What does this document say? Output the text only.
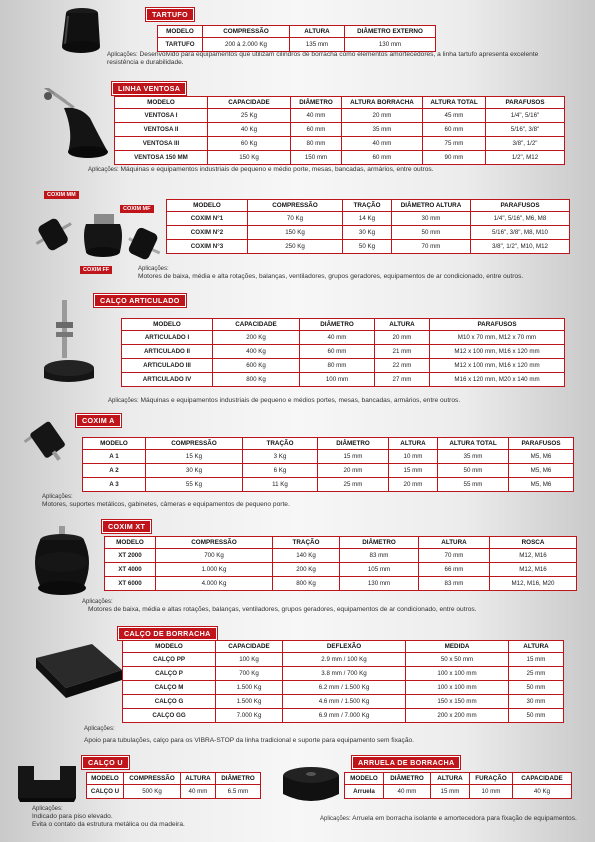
TARTUFO
MODELO	COMPRESSÃO	ALTURA	DIÂMETRO EXTERNO
TARTUFO	200 à 2.000 Kg	135 mm	130 mm
Aplicações: Desenvolvido para equipamentos que utilizam cilindros de borracha como elementos amortecedores, a linha tartufo apresenta excelente resistência e durabilidade.
LINHA VENTOSA
MODELO	CAPACIDADE	DIÂMETRO	ALTURA BORRACHA	ALTURA TOTAL	PARAFUSOS
VENTOSA I	25 Kg	40 mm	20 mm	45 mm	1/4", 5/16"
VENTOSA II	40 Kg	60 mm	35 mm	60 mm	5/16", 3/8"
VENTOSA III	60 Kg	80 mm	40 mm	75 mm	3/8", 1/2"
VENTOSA 150 MM	150 Kg	150 mm	60 mm	90 mm	1/2", M12
Aplicações: Máquinas e equipamentos industriais de pequeno e médio porte, mesas, bancadas, armários, entre outros.
COXIM MM
COXIM MF
COXIM FF
MODELO	COMPRESSÃO	TRAÇÃO	DIÂMETRO ALTURA	PARAFUSOS
COXIM N°1	70 Kg	14 Kg	30 mm	1/4", 5/16", M6, M8
COXIM N°2	150 Kg	30 Kg	50 mm	5/16", 3/8", M8, M10
COXIM N°3	250 Kg	50 Kg	70 mm	3/8", 1/2", M10, M12
Aplicações:
Motores de baixa, média e alta rotações, balanças, ventiladores, grupos geradores, equipamentos de ar condicionado, entre outros.
CALÇO ARTICULADO
MODELO	CAPACIDADE	DIÂMETRO	ALTURA	PARAFUSOS
ARTICULADO I	200 Kg	40 mm	20 mm	M10 x 70 mm, M12 x 70 mm
ARTICULADO II	400 Kg	60 mm	21 mm	M12 x 100 mm, M16 x 120 mm
ARTICULADO III	600 Kg	80 mm	22 mm	M12 x 100 mm, M16 x 120 mm
ARTICULADO IV	800 Kg	100 mm	27 mm	M16 x 120 mm, M20 x 140 mm
Aplicações: Máquinas e equipamentos industriais de pequeno e médios portes, mesas, bancadas, armários, entre outros.
COXIM A
MODELO	COMPRESSÃO	TRAÇÃO	DIÂMETRO	ALTURA	ALTURA TOTAL	PARAFUSOS
A 1	15 Kg	3 Kg	15 mm	10 mm	35 mm	M5, M6
A 2	30 Kg	6 Kg	20 mm	15 mm	50 mm	M5, M6
A 3	55 Kg	11 Kg	25 mm	20 mm	55 mm	M5, M6
Aplicações:
Motores, suportes metálicos, gabinetes, câmeras e equipamentos de pequeno porte.
COXIM XT
MODELO	COMPRESSÃO	TRAÇÃO	DIÂMETRO	ALTURA	ROSCA
XT 2000	700 Kg	140 Kg	83 mm	70 mm	M12, M16
XT 4000	1.000 Kg	200 Kg	105 mm	66 mm	M12, M16
XT 6000	4.000 Kg	800 Kg	130 mm	83 mm	M12, M16, M20
Aplicações:
Motores de baixa, média e altas rotações, balanças, ventiladores, grupos geradores, equipamentos de ar condicionado, entre outros.
CALÇO DE BORRACHA
MODELO	CAPACIDADE	DEFLEXÃO	MEDIDA	ALTURA
CALÇO PP	100 Kg	2.9 mm / 100 Kg	50 x 50 mm	15 mm
CALÇO P	700 Kg	3.8 mm / 700 Kg	100 x 100 mm	25 mm
CALÇO M	1.500 Kg	6.2 mm / 1.500 Kg	100 x 100 mm	50 mm
CALÇO G	1.500 Kg	4.6 mm / 1.500 Kg	150 x 150 mm	30 mm
CALÇO GG	7.000 Kg	6.9 mm / 7.000 Kg	200 x 200 mm	50 mm
Aplicações:
Apoio para tubulações, calço para os VIBRA-STOP da linha tradicional e suporte para equipamento sem fixação.
CALÇO U
MODELO	COMPRESSÃO	ALTURA	DIÂMETRO
CALÇO U	500 Kg	40 mm	6.5 mm
Aplicações:
Indicado para piso elevado.
Evita o contato da estrutura metálica ou da madeira.
ARRUELA DE BORRACHA
MODELO	DIÂMETRO	ALTURA	FURAÇÃO	CAPACIDADE
Arruela	40 mm	15 mm	10 mm	40 Kg
Aplicações: Arruela em borracha isolante e amortecedora para fixação de equipamentos.
